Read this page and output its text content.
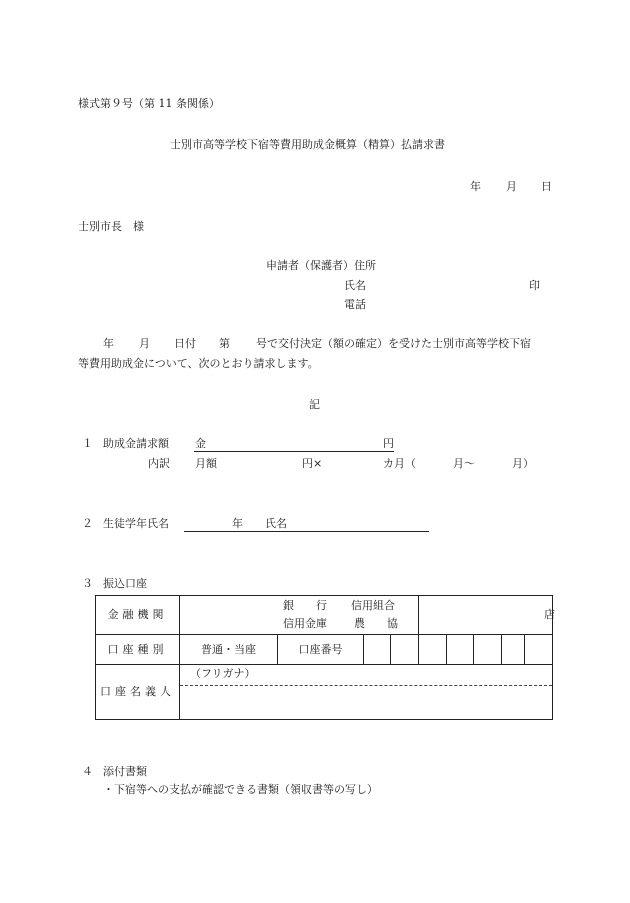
様式第９号（第 11 条関係）
士別市高等学校下宿等費用助成金概算（精算）払請求書
年 月 日
士別市長　様
申請者（保護者）住所
氏名	印
電話
年 月 日付 第 号で交付決定（額の確定）を受けた士別市高等学校下宿
等費用助成金について、次のとおり請求します。
記
１ 助成金請求額 金	円
内訳 月額	円×	カ月（	月～	月）
２ 生徒学年氏名	年 氏名
３ 振込口座
金融機関	銀　　行 信用組合
信用金庫 農　　協				店				

口座種別	普通・当座	口座番号							
口座名義人	（フリガナ）								
４ 添付書類
・下宿等への支払が確認できる書類（領収書等の写し）
